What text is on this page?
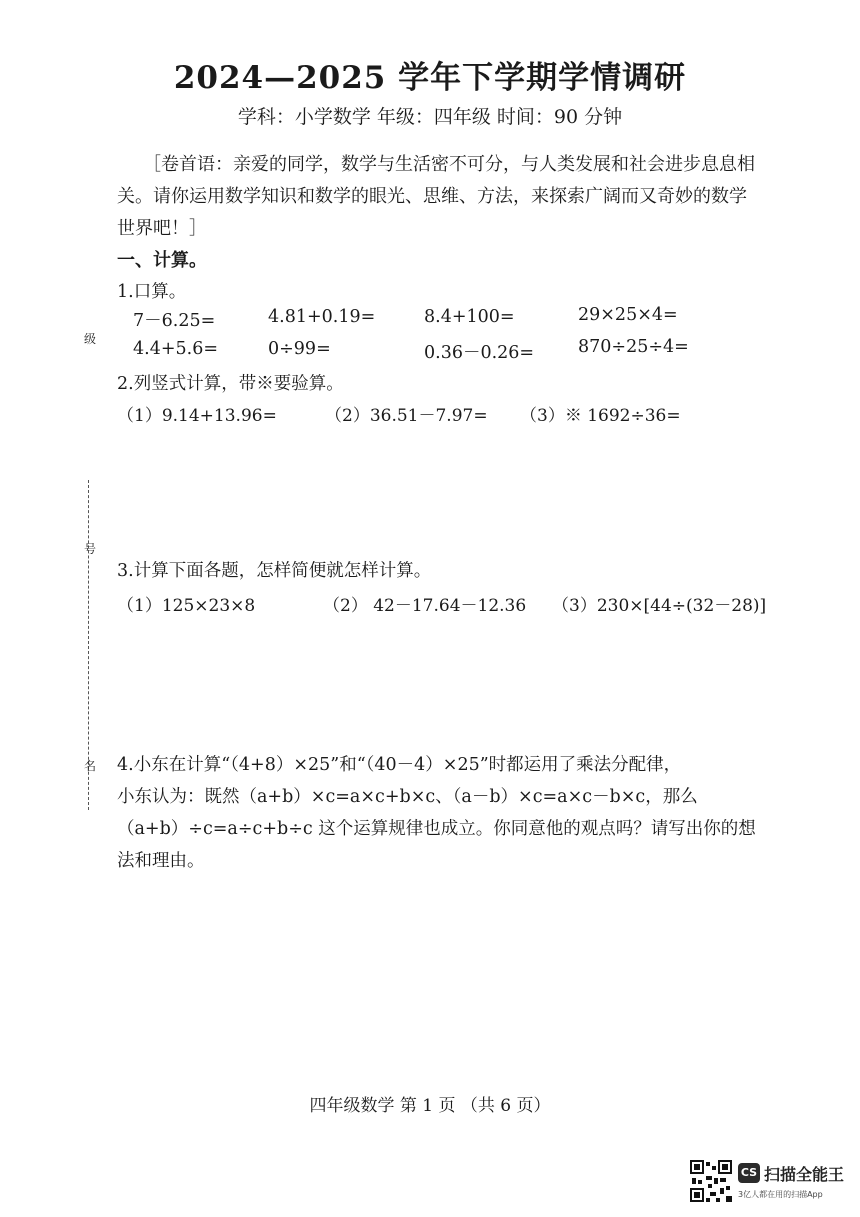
级
号
名
2024—2025 学年下学期学情调研
学科：小学数学 年级：四年级 时间：90 分钟
［卷首语：亲爱的同学，数学与生活密不可分，与人类发展和社会进步息息相
关。请你运用数学知识和数学的眼光、思维、方法，来探索广阔而又奇妙的数学
世界吧！］
一、计算。
1.口算。
7－6.25=	4.81+0.19=	8.4+100=	29×25×4=
4.4+5.6=	0÷99=	0.36－0.26=	870÷25÷4=
2.列竖式计算，带※要验算。
（1）9.14+13.96=	（2）36.51－7.97= （3）※ 1692÷36=
3.计算下面各题，怎样简便就怎样计算。
（1）125×23×8	（2） 42－17.64－12.36 （3）230×[44÷(32－28)]
4.小东在计算“（4+8）×25”和“（40－4）×25”时都运用了乘法分配律，
小东认为：既然（a+b）×c=a×c+b×c、（a－b）×c=a×c－b×c，那么
（a+b）÷c=a÷c+b÷c 这个运算规律也成立。你同意他的观点吗？请写出你的想
法和理由。
四年级数学 第 1 页 （共 6 页）
CS 扫描全能王
3亿人都在用的扫描App
